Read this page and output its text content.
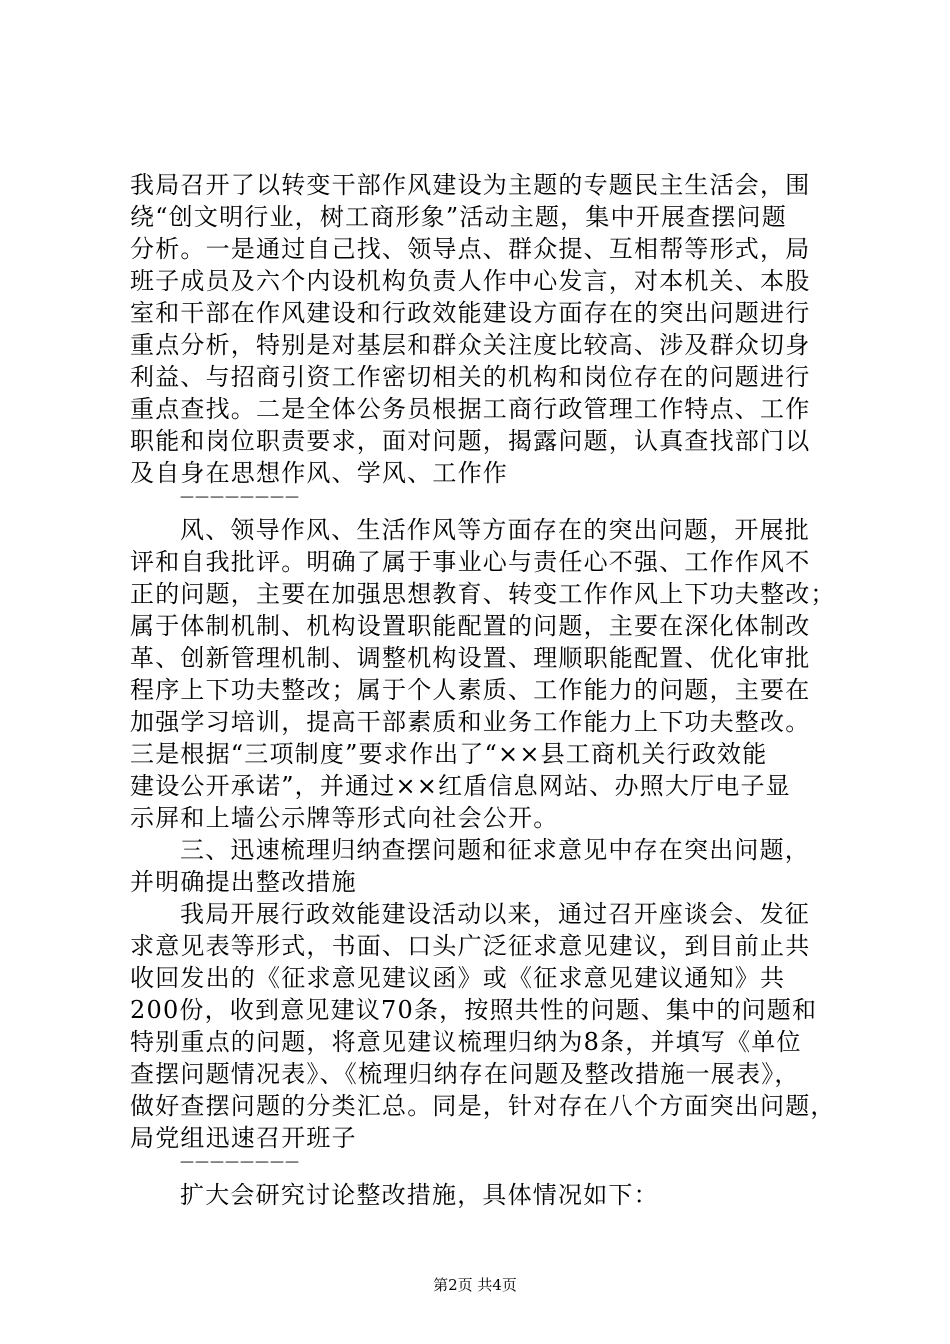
我局召开了以转变干部作风建设为主题的专题民主生活会，围
绕“创文明行业，树工商形象”活动主题，集中开展查摆问题
分析。一是通过自己找、领导点、群众提、互相帮等形式，局
班子成员及六个内设机构负责人作中心发言，对本机关、本股
室和干部在作风建设和行政效能建设方面存在的突出问题进行
重点分析，特别是对基层和群众关注度比较高、涉及群众切身
利益、与招商引资工作密切相关的机构和岗位存在的问题进行
重点查找。二是全体公务员根据工商行政管理工作特点、工作
职能和岗位职责要求，面对问题，揭露问题，认真查找部门以
及自身在思想作风、学风、工作作
————————
风、领导作风、生活作风等方面存在的突出问题，开展批
评和自我批评。明确了属于事业心与责任心不强、工作作风不
正的问题，主要在加强思想教育、转变工作作风上下功夫整改；
属于体制机制、机构设置职能配置的问题，主要在深化体制改
革、创新管理机制、调整机构设置、理顺职能配置、优化审批
程序上下功夫整改；属于个人素质、工作能力的问题，主要在
加强学习培训，提高干部素质和业务工作能力上下功夫整改。
三是根据“三项制度”要求作出了“××县工商机关行政效能
建设公开承诺”，并通过××红盾信息网站、办照大厅电子显
示屏和上墙公示牌等形式向社会公开。
三、迅速梳理归纳查摆问题和征求意见中存在突出问题，
并明确提出整改措施
我局开展行政效能建设活动以来，通过召开座谈会、发征
求意见表等形式，书面、口头广泛征求意见建议，到目前止共
收回发出的《征求意见建议函》或《征求意见建议通知》共
200份，收到意见建议70条，按照共性的问题、集中的问题和
特别重点的问题，将意见建议梳理归纳为8条，并填写《单位
查摆问题情况表》、《梳理归纳存在问题及整改措施一展表》，
做好查摆问题的分类汇总。同是，针对存在八个方面突出问题，
局党组迅速召开班子
————————
扩大会研究讨论整改措施，具体情况如下：
第2页 共4页
